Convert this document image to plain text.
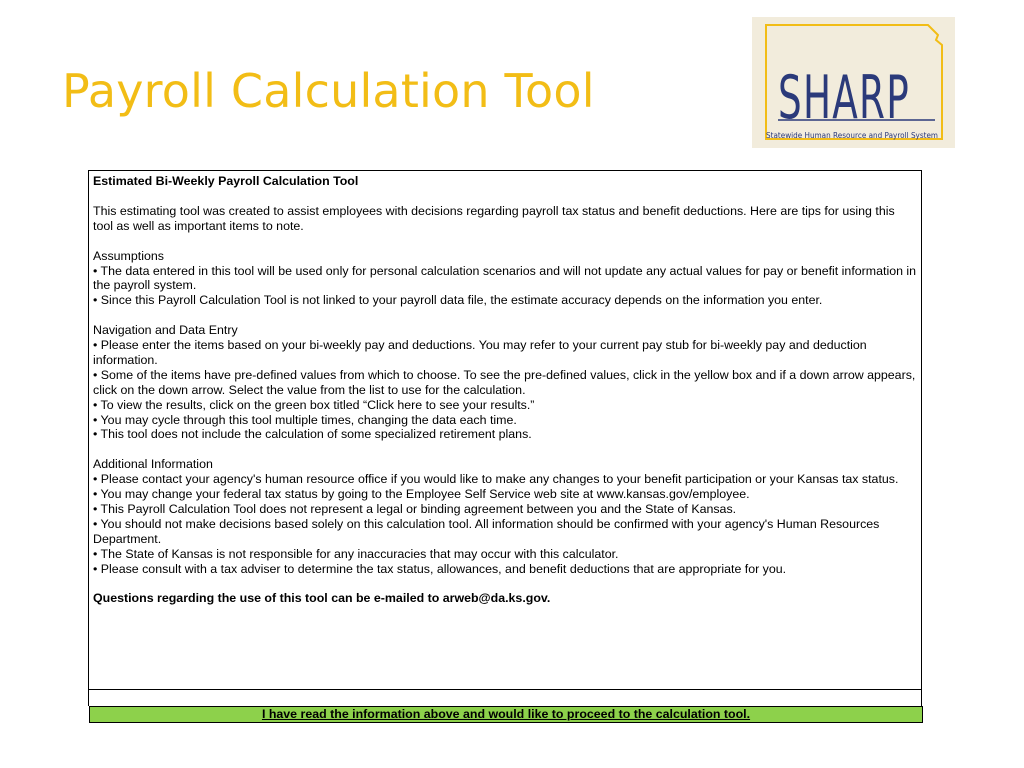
Payroll Calculation Tool	SHARP
Statewide Human Resource and Payroll System

Estimated Bi-Weekly Payroll Calculation Tool

This estimating tool was created to assist employees with decisions regarding payroll tax status and benefit deductions. Here are tips for using this tool as well as important items to note.

Assumptions

• The data entered in this tool will be used only for personal calculation scenarios and will not update any actual values for pay or benefit information in the payroll system.

• Since this Payroll Calculation Tool is not linked to your payroll data file, the estimate accuracy depends on the information you enter.

Navigation and Data Entry

• Please enter the items based on your bi-weekly pay and deductions. You may refer to your current pay stub for bi-weekly pay and deduction information.

• Some of the items have pre-defined values from which to choose. To see the pre-defined values, click in the yellow box and if a down arrow appears, click on the down arrow. Select the value from the list to use for the calculation.

• To view the results, click on the green box titled “Click here to see your results.”

• You may cycle through this tool multiple times, changing the data each time.

• This tool does not include the calculation of some specialized retirement plans.

Additional Information

• Please contact your agency's human resource office if you would like to make any changes to your benefit participation or your Kansas tax status.

• You may change your federal tax status by going to the Employee Self Service web site at www.kansas.gov/employee.

• This Payroll Calculation Tool does not represent a legal or binding agreement between you and the State of Kansas.

• You should not make decisions based solely on this calculation tool. All information should be confirmed with your agency's Human Resources Department.

• The State of Kansas is not responsible for any inaccuracies that may occur with this calculator.

• Please consult with a tax adviser to determine the tax status, allowances, and benefit deductions that are appropriate for you.

Questions regarding the use of this tool can be e-mailed to arweb@da.ks.gov.

I have read the information above and would like to proceed to the calculation tool.
